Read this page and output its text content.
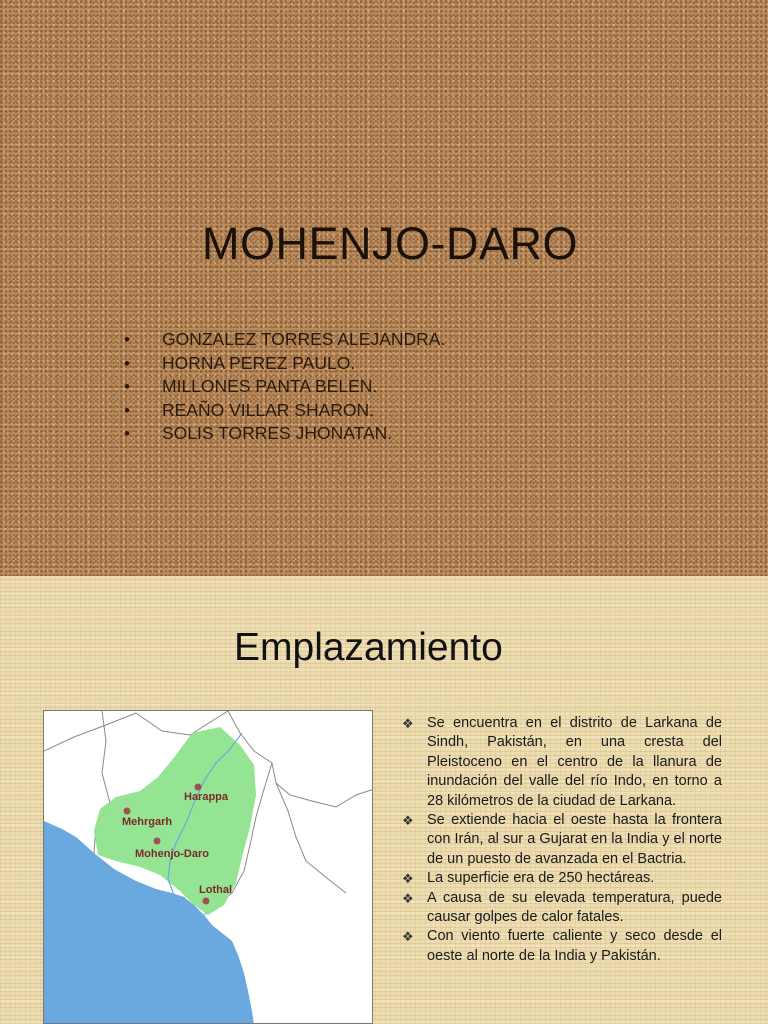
MOHENJO-DARO
• GONZALEZ TORRES ALEJANDRA.
• HORNA PEREZ PAULO.
• MILLONES PANTA BELEN.
• REAÑO VILLAR SHARON.
• SOLIS TORRES JHONATAN.
Emplazamiento
Harappa
Mehrgarh
Mohenjo-Daro
Lothal
❖ Se encuentra en el distrito de Larkana de Sindh, Pakistán, en una cresta del Pleistoceno en el centro de la llanura de inundación del valle del río Indo, en torno a 28 kilómetros de la ciudad de Larkana.
❖ Se extiende hacia el oeste hasta la frontera con Irán, al sur a Gujarat en la India y el norte de un puesto de avanzada en el Bactria.
❖ La superficie era de 250 hectáreas.
❖ A causa de su elevada temperatura, puede causar golpes de calor fatales.
❖ Con viento fuerte caliente y seco desde el oeste al norte de la India y Pakistán.
